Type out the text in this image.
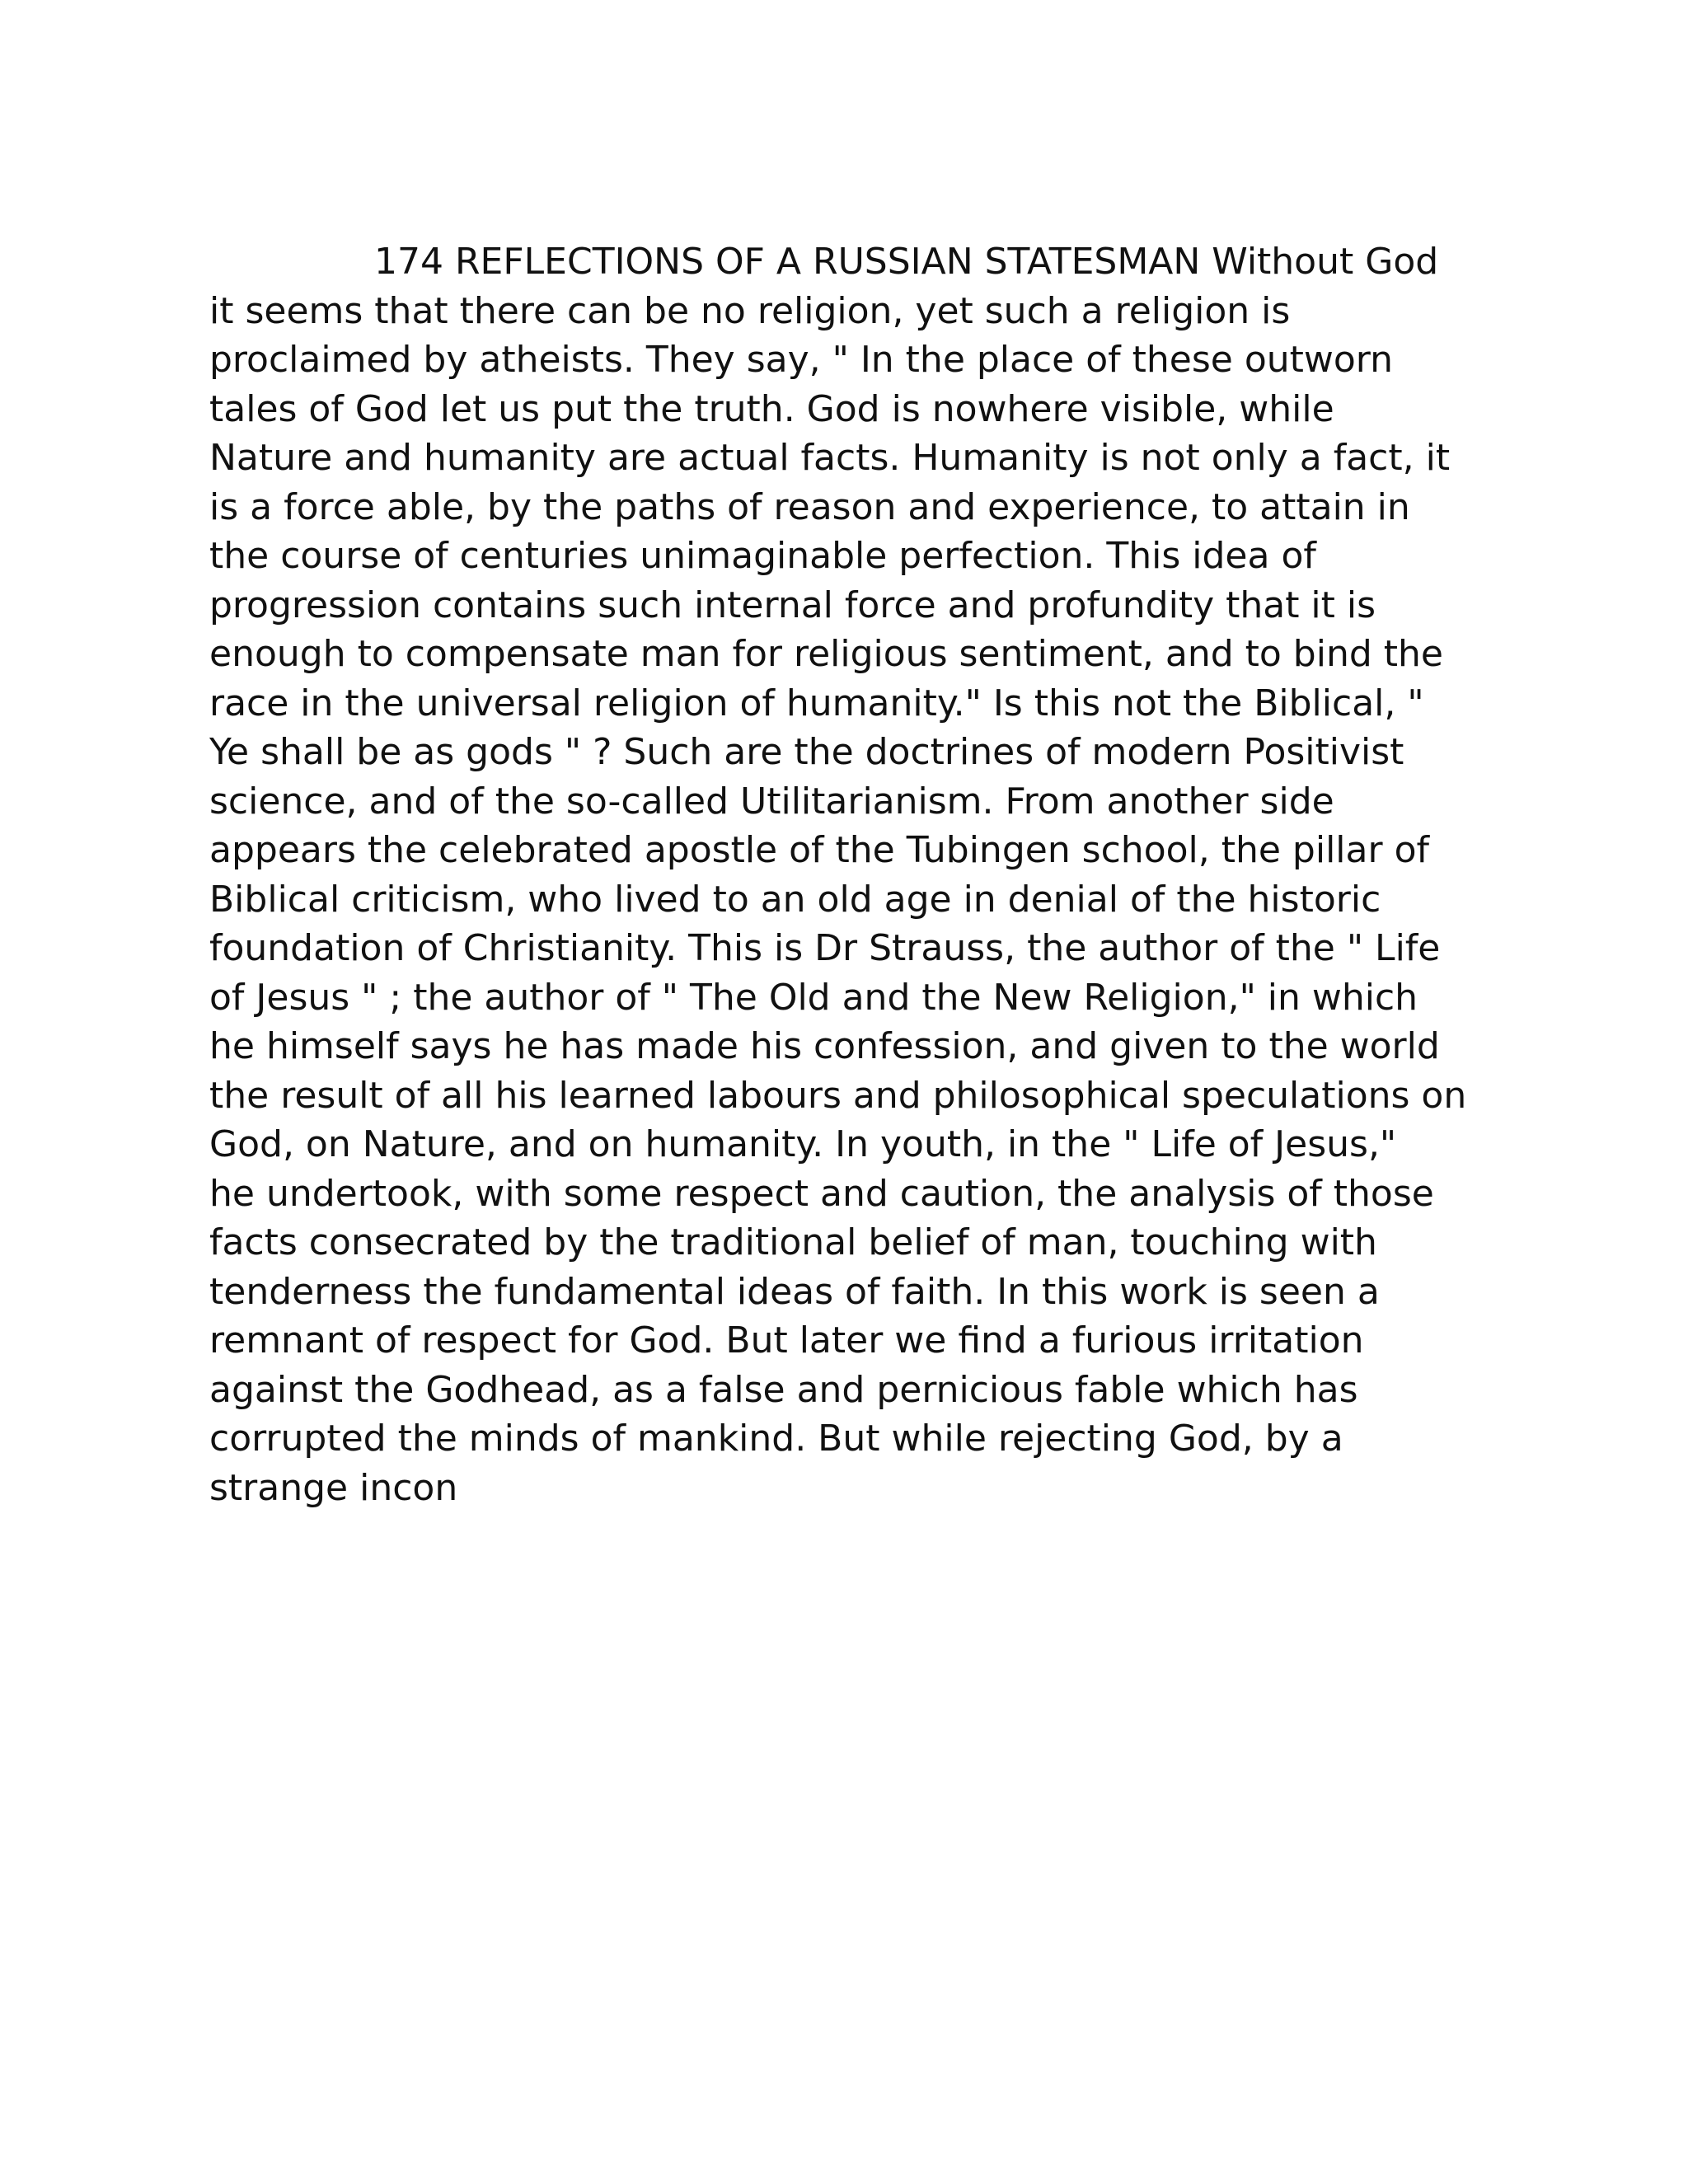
174 REFLECTIONS OF A RUSSIAN STATESMAN Without God
it seems that there can be no religion, yet such a religion is
proclaimed by atheists. They say, " In the place of these outworn
tales of God let us put the truth. God is nowhere visible, while
Nature and humanity are actual facts. Humanity is not only a fact, it
is a force able, by the paths of reason and experience, to attain in
the course of centuries unimaginable perfection. This idea of
progression contains such internal force and profundity that it is
enough to compensate man for religious sentiment, and to bind the
race in the universal religion of humanity." Is this not the Biblical, "
Ye shall be as gods " ? Such are the doctrines of modern Positivist
science, and of the so-called Utilitarianism. From another side
appears the celebrated apostle of the Tubingen school, the pillar of
Biblical criticism, who lived to an old age in denial of the historic
foundation of Christianity. This is Dr Strauss, the author of the " Life
of Jesus " ; the author of " The Old and the New Religion," in which
he himself says he has made his confession, and given to the world
the result of all his learned labours and philosophical speculations on
God, on Nature, and on humanity. In youth, in the " Life of Jesus,"
he undertook, with some respect and caution, the analysis of those
facts consecrated by the traditional belief of man, touching with
tenderness the fundamental ideas of faith. In this work is seen a
remnant of respect for God. But later we find a furious irritation
against the Godhead, as a false and pernicious fable which has
corrupted the minds of mankind. But while rejecting God, by a
strange incon
